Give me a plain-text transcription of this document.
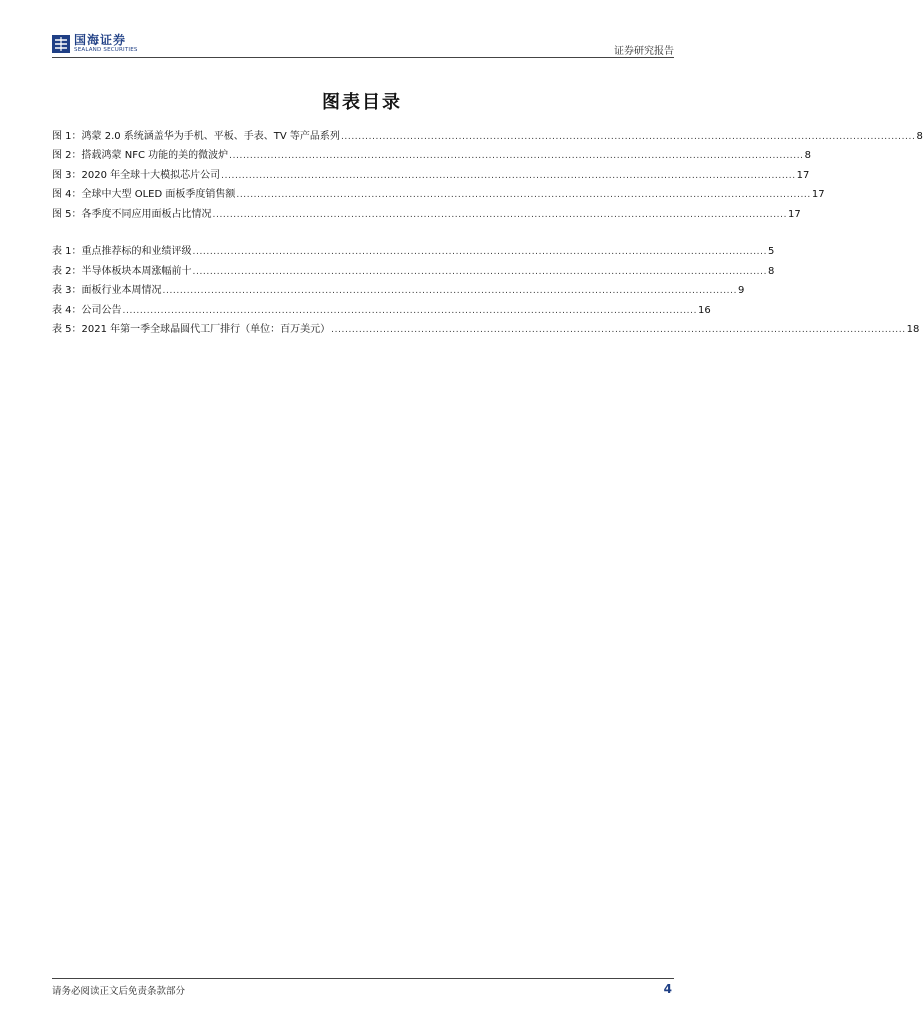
国海证券
SEALAND SECURITIES	证券研究报告
图表目录
图 1：鸿蒙 2.0 系统涵盖华为手机、平板、手表、TV 等产品系列 ...................................................................................................................................................................... 8
图 2：搭载鸿蒙 NFC 功能的美的微波炉 ...................................................................................................................................................................... 8
图 3：2020 年全球十大模拟芯片公司 ...................................................................................................................................................................... 17
图 4：全球中大型 OLED 面板季度销售额 ...................................................................................................................................................................... 17
图 5：各季度不同应用面板占比情况 ...................................................................................................................................................................... 17
表 1：重点推荐标的和业绩评级 ...................................................................................................................................................................... 5
表 2：半导体板块本周涨幅前十 ...................................................................................................................................................................... 8
表 3：面板行业本周情况 ...................................................................................................................................................................... 9
表 4：公司公告 ...................................................................................................................................................................... 16
表 5：2021 年第一季全球晶圆代工厂排行（单位：百万美元） ...................................................................................................................................................................... 18
请务必阅读正文后免责条款部分	4
